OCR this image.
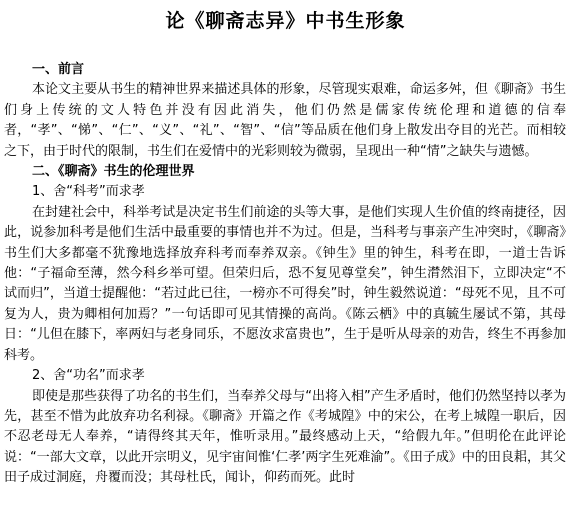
论《聊斋志异》中书生形象
一、前言
本论文主要从书生的精神世界来描述具体的形象，尽管现实艰难，命运多舛，但《聊斋》书生们身上传统的文人特色并没有因此消失，他们仍然是儒家传统伦理和道德的信奉者，“孝”、“悌”、“仁”、“义”、“礼”、“智”、“信”等品质在他们身上散发出夺目的光芒。而相较之下，由于时代的限制，书生们在爱情中的光彩则较为微弱，呈现出一种“情”之缺失与遗憾。
二、《聊斋》书生的伦理世界
1、舍“科考”而求孝
在封建社会中，科举考试是决定书生们前途的头等大事，是他们实现人生价值的终南捷径，因此，说参加科考是他们生活中最重要的事情也并不为过。但是，当科考与事亲产生冲突时，《聊斋》书生们大多都毫不犹豫地选择放弃科考而奉养双亲。《钟生》里的钟生，科考在即，一道士告诉他：“子福命至薄，然今科乡举可望。但荣归后，恐不复见尊堂矣”，钟生潸然泪下，立即决定“不试而归”，当道士提醒他：“若过此已往，一榜亦不可得矣”时，钟生毅然说道：“母死不见，且不可复为人，贵为卿相何加焉？”一句话即可见其情操的高尚。《陈云栖》中的真毓生屡试不第，其母日：“儿但在膝下，率两妇与老身同乐，不愿汝求富贵也”，生于是听从母亲的劝告，终生不再参加科考。
2、舍“功名”而求孝
即使是那些获得了功名的书生们，当奉养父母与“出将入相”产生矛盾时，他们仍然坚持以孝为先，甚至不惜为此放弃功名利禄。《聊斋》开篇之作《考城隍》中的宋公，在考上城隍一职后，因不忍老母无人奉养，“请得终其天年，惟听录用。”最终感动上天，“给假九年。”但明伦在此评论说：“一部大文章，以此开宗明义，见宇宙间惟‘仁孝’两字生死难渝”。《田子成》中的田良耜，其父田子成过洞庭，舟覆而没；其母杜氏，闻讣，仰药而死。此时
